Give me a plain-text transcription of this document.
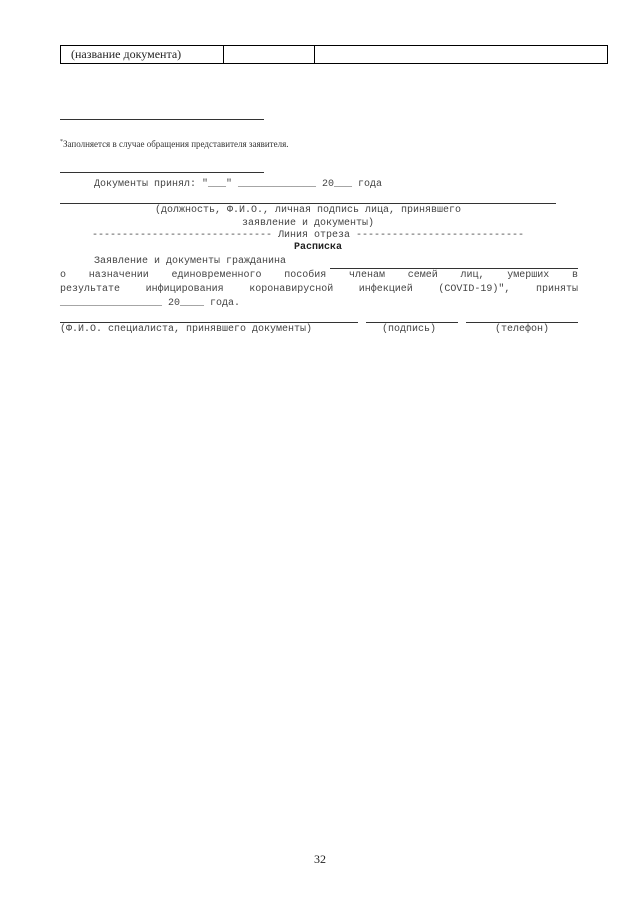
(название документа)		
*Заполняется в случае обращения представителя заявителя.
Документы принял: "___" _____________ 20___ года
(должность, Ф.И.О., личная подпись лица, принявшего
заявление и документы)
------------------------------ Линия отреза ----------------------------
Расписка
Заявление и документы гражданина
о назначении единовременного пособия членам семей лиц, умерших в
результате инфицирования коронавирусной инфекцией (COVID-19)", приняты
_________________ 20____ года.
(Ф.И.О. специалиста, принявшего документы)	(подпись)	(телефон)
32
